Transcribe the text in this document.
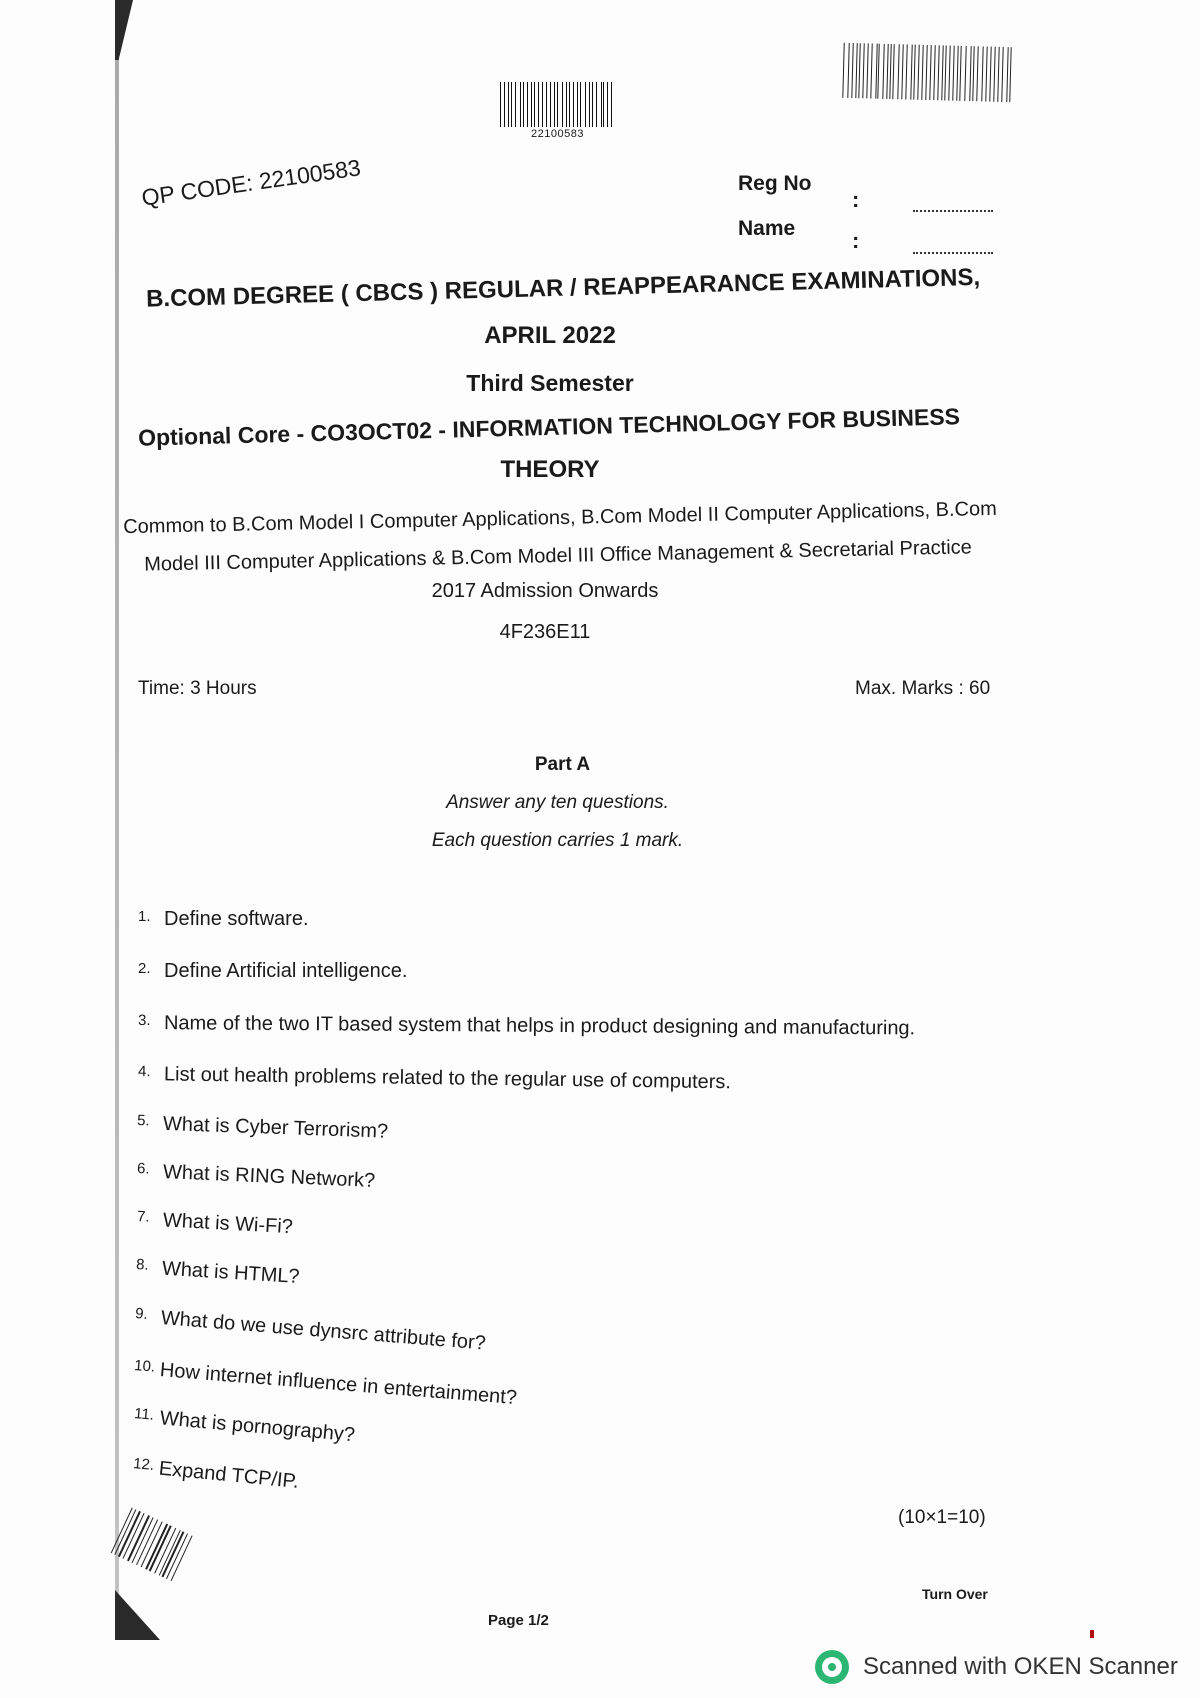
22100583
QP CODE: 22100583	Reg No
:
Name	:
B.COM DEGREE ( CBCS ) REGULAR / REAPPEARANCE EXAMINATIONS,
APRIL 2022
Third Semester
Optional Core - CO3OCT02 - INFORMATION TECHNOLOGY FOR BUSINESS
THEORY
Common to B.Com Model I Computer Applications, B.Com Model II Computer Applications, B.Com
Model III Computer Applications & B.Com Model III Office Management & Secretarial Practice
2017 Admission Onwards
4F236E11
Time: 3 Hours	Max. Marks : 60
Part A
Answer any ten questions.
Each question carries 1 mark.
1. Define software.
2. Define Artificial intelligence.
3. Name of the two IT based system that helps in product designing and manufacturing.
4. List out health problems related to the regular use of computers.
5. What is Cyber Terrorism?
6. What is RING Network?
7. What is Wi-Fi?
8. What is HTML?
9. What do we use dynsrc attribute for?
10. How internet influence in entertainment?
11. What is pornography?
12. Expand TCP/IP.
(10×1=10)
Turn Over
Page 1/2
Scanned with OKEN Scanner
